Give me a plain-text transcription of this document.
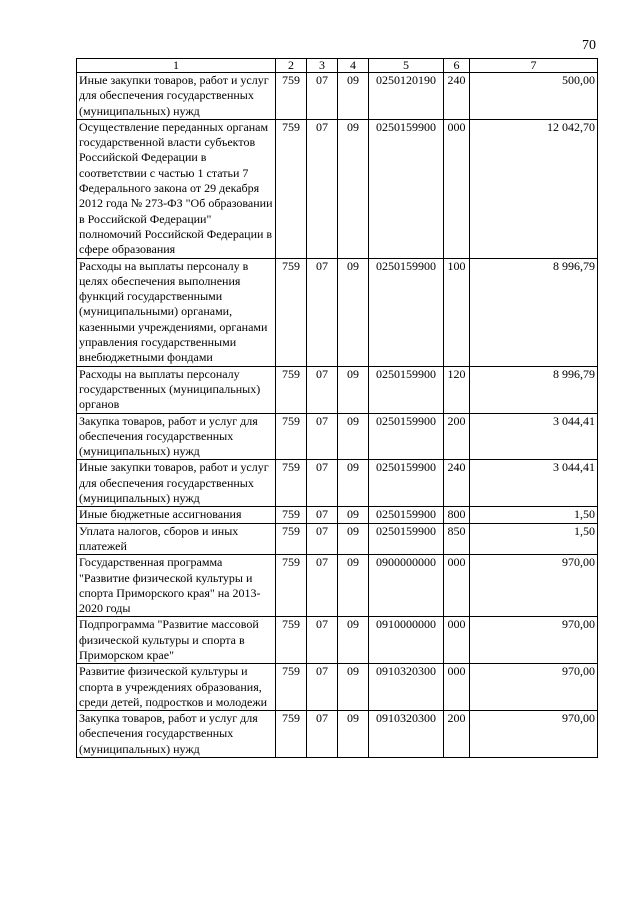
70
1	2	3	4	5	6	7
Иные закупки товаров, работ и услуг для обеспечения государственных (муниципальных) нужд	759	07	09	0250120190	240	500,00
Осуществление переданных органам государственной власти субъектов Российской Федерации в соответствии с частью 1 статьи 7 Федерального закона от 29 декабря 2012 года № 273-ФЗ "Об образовании в Российской Федерации" полномочий Российской Федерации в сфере образования	759	07	09	0250159900	000	12 042,70
Расходы на выплаты персоналу в целях обеспечения выполнения функций государственными (муниципальными) органами, казенными учреждениями, органами управления государственными внебюджетными фондами	759	07	09	0250159900	100	8 996,79
Расходы на выплаты персоналу государственных (муниципальных) органов	759	07	09	0250159900	120	8 996,79
Закупка товаров, работ и услуг для обеспечения государственных (муниципальных) нужд	759	07	09	0250159900	200	3 044,41
Иные закупки товаров, работ и услуг для обеспечения государственных (муниципальных) нужд	759	07	09	0250159900	240	3 044,41
Иные бюджетные ассигнования	759	07	09	0250159900	800	1,50
Уплата налогов, сборов и иных платежей	759	07	09	0250159900	850	1,50
Государственная программа "Развитие физической культуры и спорта Приморского края" на 2013-2020 годы	759	07	09	0900000000	000	970,00
Подпрограмма "Развитие массовой физической культуры и спорта в Приморском крае"	759	07	09	0910000000	000	970,00
Развитие физической культуры и спорта в учреждениях образования, среди детей, подростков и молодежи	759	07	09	0910320300	000	970,00
Закупка товаров, работ и услуг для обеспечения государственных (муниципальных) нужд	759	07	09	0910320300	200	970,00
